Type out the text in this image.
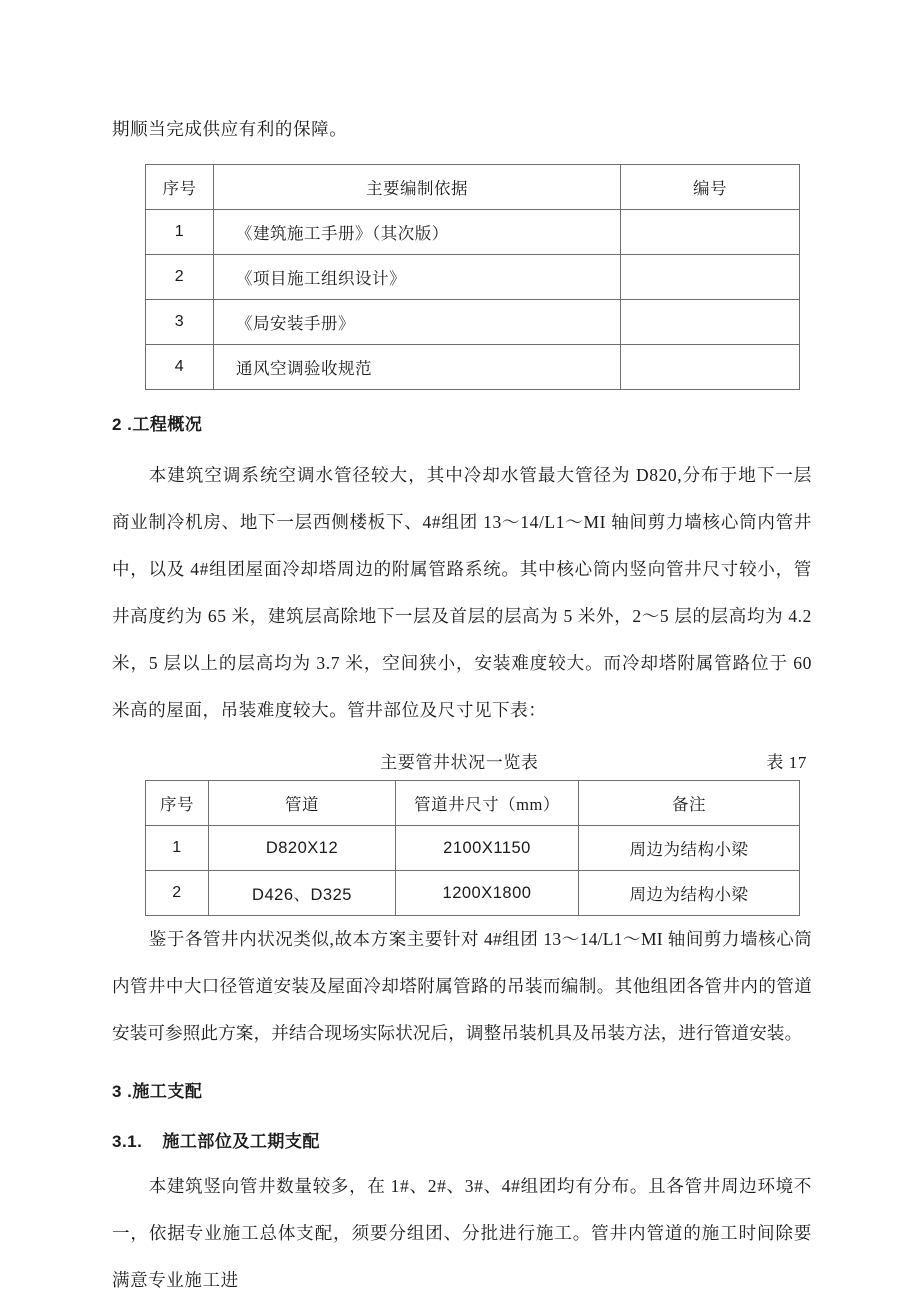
期顺当完成供应有利的保障。

序号	主要编制依据	编号
1	《建筑施工手册》（其次版）	
2	《项目施工组织设计》	
3	《局安装手册》	
4	通风空调验收规范	
2 .工程概况

本建筑空调系统空调水管径较大，其中冷却水管最大管径为 D820,分布于地下一层商业制冷机房、地下一层西侧楼板下、4#组团 13～14/L1～MI 轴间剪力墙核心筒内管井中，以及 4#组团屋面冷却塔周边的附属管路系统。其中核心筒内竖向管井尺寸较小，管井高度约为 65 米，建筑层高除地下一层及首层的层高为 5 米外，2～5 层的层高均为 4.2 米，5 层以上的层高均为 3.7 米，空间狭小，安装难度较大。而冷却塔附属管路位于 60 米高的屋面，吊装难度较大。管井部位及尺寸见下表：

主要管井状况一览表	表 17
序号	管道	管道井尺寸（mm）	备注
1	D820X12	2100X1150	周边为结构小梁
2	D426、D325	1200X1800	周边为结构小梁

鉴于各管井内状况类似,故本方案主要针对 4#组团 13～14/L1～MI 轴间剪力墙核心筒内管井中大口径管道安装及屋面冷却塔附属管路的吊装而编制。其他组团各管井内的管道安装可参照此方案，并结合现场实际状况后，调整吊装机具及吊装方法，进行管道安装。

3 .施工支配
3.1. 施工部位及工期支配

本建筑竖向管井数量较多，在 1#、2#、3#、4#组团均有分布。且各管井周边环境不一，依据专业施工总体支配，须要分组团、分批进行施工。管井内管道的施工时间除要满意专业施工进
